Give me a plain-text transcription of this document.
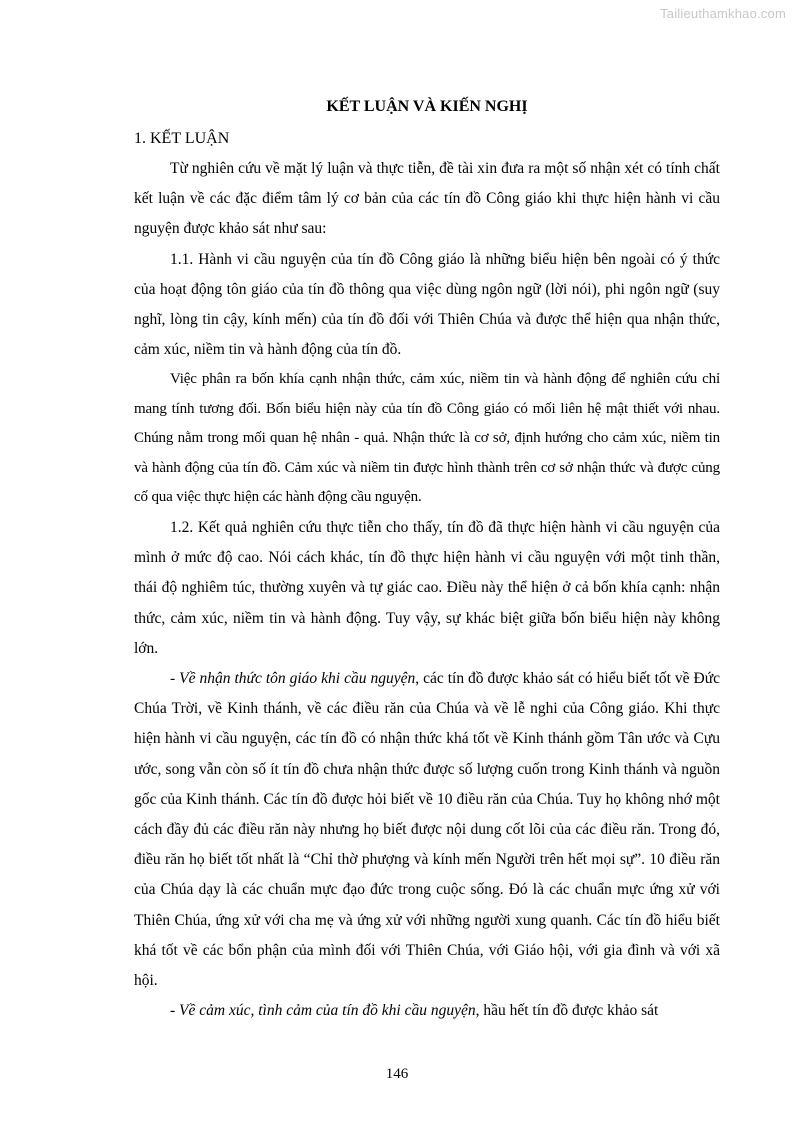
Tailieuthamkhao.com
KẾT LUẬN VÀ KIẾN NGHỊ
1. KẾT LUẬN

Từ nghiên cứu về mặt lý luận và thực tiễn, đề tài xin đưa ra một số nhận xét có tính chất kết luận về các đặc điểm tâm lý cơ bản của các tín đồ Công giáo khi thực hiện hành vi cầu nguyện được khảo sát như sau:

1.1. Hành vi cầu nguyện của tín đồ Công giáo là những biểu hiện bên ngoài có ý thức của hoạt động tôn giáo của tín đồ thông qua việc dùng ngôn ngữ (lời nói), phi ngôn ngữ (suy nghĩ, lòng tin cậy, kính mến) của tín đồ đối với Thiên Chúa và được thể hiện qua nhận thức, cảm xúc, niềm tin và hành động của tín đồ.

Việc phân ra bốn khía cạnh nhận thức, cảm xúc, niềm tin và hành động để nghiên cứu chỉ mang tính tương đối. Bốn biểu hiện này của tín đồ Công giáo có mối liên hệ mật thiết với nhau. Chúng nằm trong mối quan hệ nhân - quả. Nhận thức là cơ sở, định hướng cho cảm xúc, niềm tin và hành động của tín đồ. Cảm xúc và niềm tin được hình thành trên cơ sở nhận thức và được củng cố qua việc thực hiện các hành động cầu nguyện.

1.2. Kết quả nghiên cứu thực tiễn cho thấy, tín đồ đã thực hiện hành vi cầu nguyện của mình ở mức độ cao. Nói cách khác, tín đồ thực hiện hành vi cầu nguyện với một tinh thần, thái độ nghiêm túc, thường xuyên và tự giác cao. Điều này thể hiện ở cả bốn khía cạnh: nhận thức, cảm xúc, niềm tin và hành động. Tuy vậy, sự khác biệt giữa bốn biểu hiện này không lớn.

- Về nhận thức tôn giáo khi cầu nguyện, các tín đồ được khảo sát có hiểu biết tốt về Đức Chúa Trời, về Kinh thánh, về các điều răn của Chúa và về lễ nghi của Công giáo. Khi thực hiện hành vi cầu nguyện, các tín đồ có nhận thức khá tốt về Kinh thánh gồm Tân ước và Cựu ước, song vẫn còn số ít tín đồ chưa nhận thức được số lượng cuốn trong Kinh thánh và nguồn gốc của Kinh thánh. Các tín đồ được hỏi biết về 10 điều răn của Chúa. Tuy họ không nhớ một cách đầy đủ các điều răn này nhưng họ biết được nội dung cốt lõi của các điều răn. Trong đó, điều răn họ biết tốt nhất là “Chỉ thờ phượng và kính mến Người trên hết mọi sự”. 10 điều răn của Chúa dạy là các chuẩn mực đạo đức trong cuộc sống. Đó là các chuẩn mực ứng xử với Thiên Chúa, ứng xử với cha mẹ và ứng xử với những người xung quanh. Các tín đồ hiểu biết khá tốt về các bổn phận của mình đối với Thiên Chúa, với Giáo hội, với gia đình và với xã hội.

- Về cảm xúc, tình cảm của tín đồ khi cầu nguyện, hầu hết tín đồ được khảo sát

146
